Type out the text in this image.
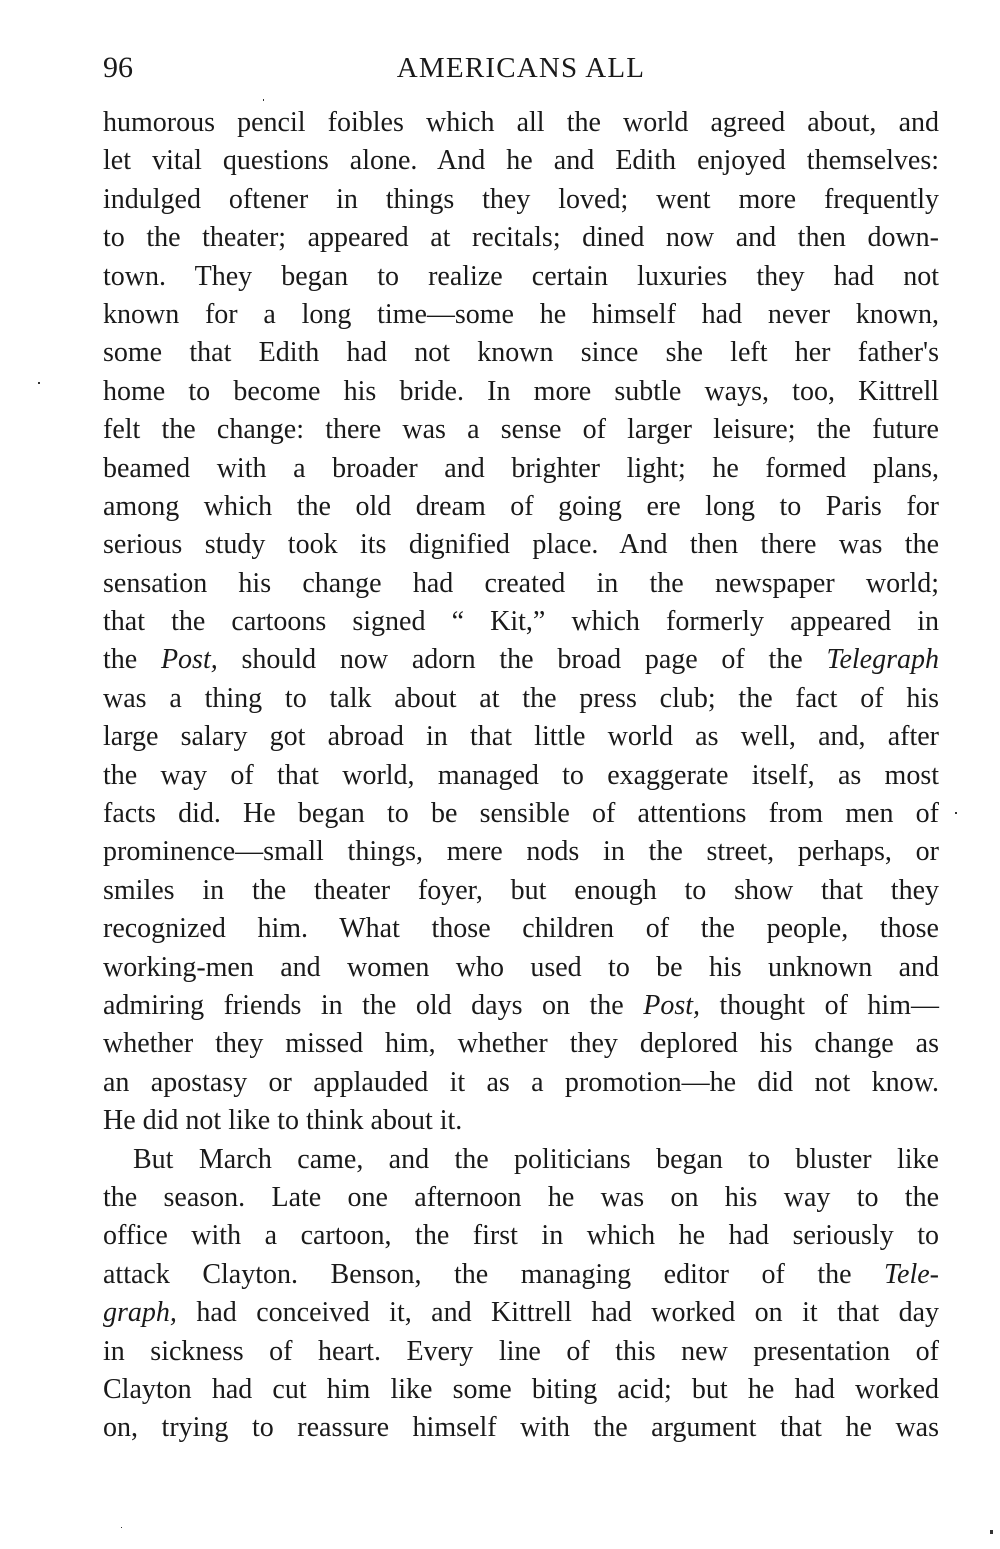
96	AMERICANS ALL
humorous pencil foibles which all the world agreed about, and
let vital questions alone. And he and Edith enjoyed themselves:
indulged oftener in things they loved; went more frequently
to the theater; appeared at recitals; dined now and then down-
town. They began to realize certain luxuries they had not
known for a long time—some he himself had never known,
some that Edith had not known since she left her father's
home to become his bride. In more subtle ways, too, Kittrell
felt the change: there was a sense of larger leisure; the future
beamed with a broader and brighter light; he formed plans,
among which the old dream of going ere long to Paris for
serious study took its dignified place. And then there was the
sensation his change had created in the newspaper world;
that the cartoons signed “ Kit,” which formerly appeared in
the Post, should now adorn the broad page of the Telegraph
was a thing to talk about at the press club; the fact of his
large salary got abroad in that little world as well, and, after
the way of that world, managed to exaggerate itself, as most
facts did. He began to be sensible of attentions from men of
prominence—small things, mere nods in the street, perhaps, or
smiles in the theater foyer, but enough to show that they
recognized him. What those children of the people, those
working-men and women who used to be his unknown and
admiring friends in the old days on the Post, thought of him—
whether they missed him, whether they deplored his change as
an apostasy or applauded it as a promotion—he did not know.
He did not like to think about it.
But March came, and the politicians began to bluster like
the season. Late one afternoon he was on his way to the
office with a cartoon, the first in which he had seriously to
attack Clayton. Benson, the managing editor of the Tele-
graph, had conceived it, and Kittrell had worked on it that day
in sickness of heart. Every line of this new presentation of
Clayton had cut him like some biting acid; but he had worked
on, trying to reassure himself with the argument that he was
